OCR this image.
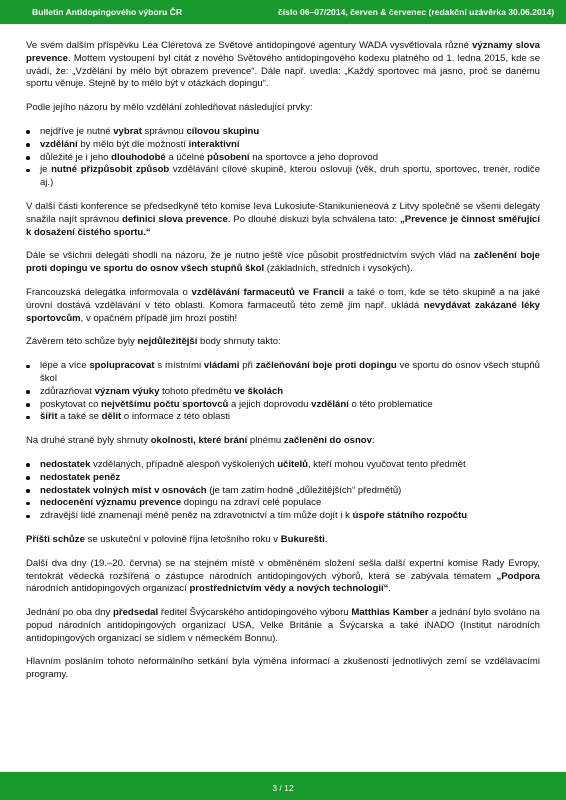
Bulletin Antidopingového výboru ČR	číslo 06–07/2014, červen & červenec (redakční uzávěrka 30.06.2014)

Ve svém dalším příspěvku Léa Clérеtová ze Světové antidopingové agentury WADA vysvětlovala různé významy slova prevence. Mottem vystoupení byl citát z nového Světového antidopingového kodexu platného od 1. ledna 2015, kde se uvádí, že: „Vzdělání by mělo být obrazem prevence“. Dále např. uvedla: „Každý sportovec má jasno, proč se danému sportu věnuje. Stejně by to mělo být v otázkách dopingu“.

Podle jejího názoru by mělo vzdělání zohledňovat následující prvky:

nejdříve je nutné vybrat správnou cílovou skupinu
vzdělání by mělo být dle možností interaktivní
důležité je i jeho dlouhodobé a účelné působení na sportovce a jeho doprovod
je nutné přizpůsobit způsob vzdělávání cílové skupině, kterou oslovuji (věk, druh sportu, sportovec, trenér, rodiče aj.)

V další části konference se předsedkyně této komise Ieva Lukosiute-Stanikunieneová z Litvy společně se všemi delegáty snažila najít správnou definici slova prevence. Po dlouhé diskuzi byla schválena tato: „Prevence je činnost směřující k dosažení čistého sportu.“

Dále se všichni delegáti shodli na názoru, že je nutno ještě více působit prostřednictvím svých vlád na začlenění boje proti dopingu ve sportu do osnov všech stupňů škol (základních, středních i vysokých).

Francouzská delegátka informovala o vzdělávání farmaceutů ve Francii a také o tom, kde se této skupině a na jaké úrovní dostává vzdělávání v této oblasti. Komora farmaceutů této země jim např. ukládá nevydávat zakázané léky sportovcům, v opačném případě jim hrozí postih!

Závěrem této schůze byly nejdůležitější body shrnuty takto:

lépe a více spolupracovat s místními vládami při začleňování boje proti dopingu ve sportu do osnov všech stupňů škol
zdůrazňovat význam výuky tohoto předmětu ve školách
poskytovat co největšímu počtu sportovců a jejich doprovodu vzdělání o této problematice
šířit a také se dělit o informace z této oblasti

Na druhé straně byly shrnuty okolnosti, které brání plnému začlenění do osnov:

nedostatek vzdělaných, případně alespoň vyškolených učitelů, kteří mohou vyučovat tento předmět
nedostatek peněz
nedostatek volných míst v osnovách (je tam zatím hodně „důležitějších“ předmětů)
nedocenění významu prevence dopingu na zdraví celé populace
zdravější lidé znamenají méně peněz na zdravotnictví a tím může dojít i k úspoře státního rozpočtu

Příští schůze se uskuteční v polovině října letošního roku v Bukurešti.

Další dva dny (19.–20. června) se na stejném místě v obměněném složení sešla další expertní komise Rady Evropy, tentokrát vědecká rozšířená o zástupce národních antidopingových výborů, která se zabývala tématem „Podpora národních antidopingových organizací prostřednictvím vědy a nových technologií“.

Jednání po oba dny předsedal ředitel Švýcarského antidopingového výboru Matthias Kamber a jednání bylo svoláno na popud národních antidopingových organizací USA, Velké Británie a Švýcarska a také iNADO (Institut národních antidopingových organizací se sídlem v německém Bonnu).

Hlavním posláním tohoto neformálního setkání byla výměna informací a zkušeností jednotlivých zemí se vzdělávacími programy.

3 / 12
